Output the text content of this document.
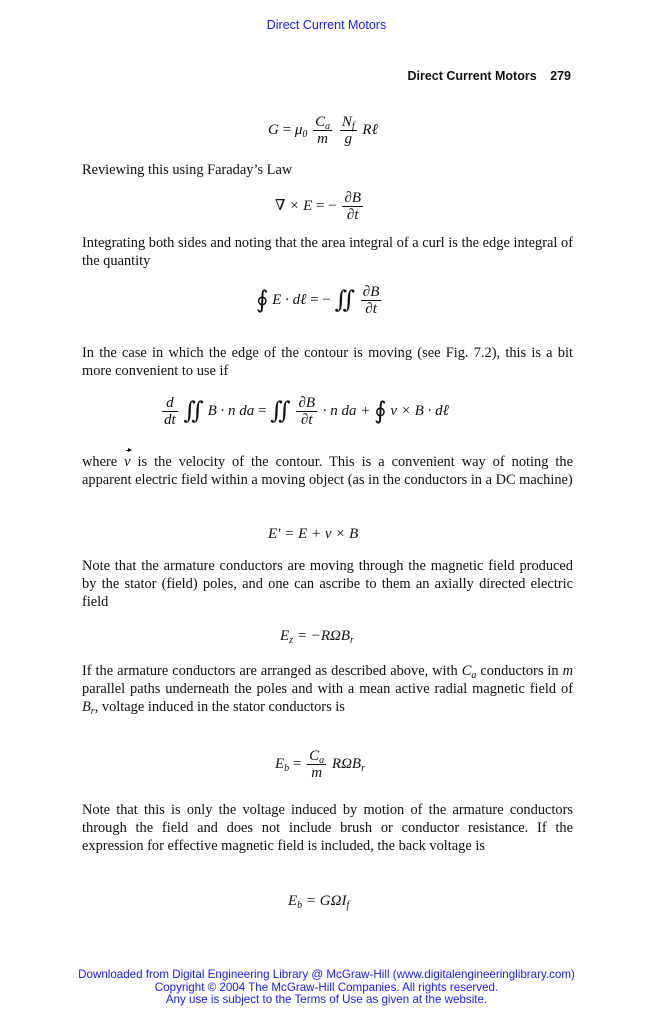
Direct Current Motors
Direct Current Motors 279
$G = \mu_0 \frac{C_a}{m}$
$\frac{N_f}{g}$ Rℓ
Reviewing this using Faraday’s Law
∇ × E = − $\frac{\partial B}{\partial t}$
Integrating both sides and noting that the area integral of a curl is the edge integral of the quantity
∮ E · dℓ = − ∬ $\frac{\partial B}{\partial t}$
In the case in which the edge of the contour is moving (see Fig. 7.2), this is a bit more convenient to use if
$\frac{d}{dt}$ ∬ B · n da = ∬ $\frac{\partial B}{\partial t} \cdot n$ da + ∮ v × B · dℓ
where v is the velocity of the contour. This is a convenient way of noting the apparent electric field within a moving object (as in the conductors in a DC machine)
E′ = E + v × B
Note that the armature conductors are moving through the magnetic field produced by the stator (field) poles, and one can ascribe to them an axially directed electric field
$E_z = -R\Omega B_r$
If the armature conductors are arranged as described above, with $C_a$ conductors in m parallel paths underneath the poles and with a mean active radial magnetic field of $B_r$, voltage induced in the stator conductors is
$E_b = \frac{C_a}{m} R\Omega B_r$
Note that this is only the voltage induced by motion of the armature conductors through the field and does not include brush or conductor resistance. If the expression for effective magnetic field is included, the back voltage is
$E_b = G\Omega I_f$
Downloaded from Digital Engineering Library @ McGraw-Hill (www.digitalengineeringlibrary.com)
Copyright © 2004 The McGraw-Hill Companies. All rights reserved.
Any use is subject to the Terms of Use as given at the website.
